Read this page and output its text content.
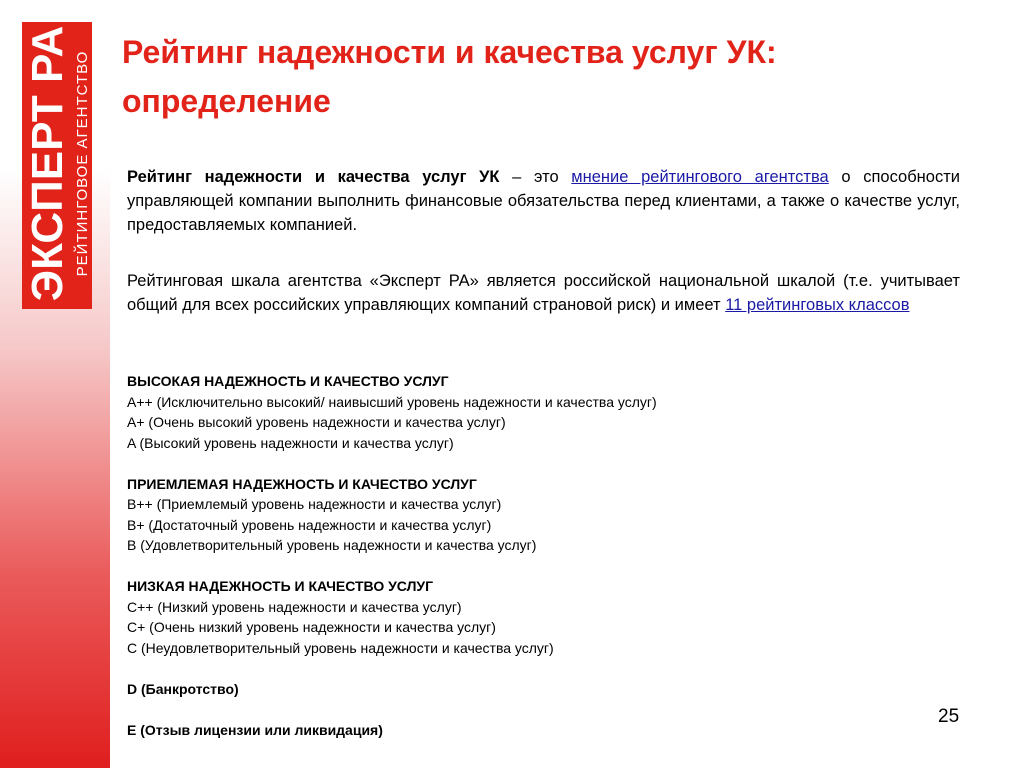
ЭКСПЕРТ РА РЕЙТИНГОВОЕ АГЕНТСТВО Рейтинг надежности и качества услуг УК:
определение
Рейтинг надежности и качества услуг УК – это мнение рейтингового агентства о способности управляющей компании выполнить финансовые обязательства перед клиентами, а также о качестве услуг, предоставляемых компанией.
Рейтинговая шкала агентства «Эксперт РА» является российской национальной шкалой (т.е. учитывает общий для всех российских управляющих компаний страновой риск) и имеет 11 рейтинговых классов
ВЫСОКАЯ НАДЕЖНОСТЬ И КАЧЕСТВО УСЛУГ
A++ (Исключительно высокий/ наивысший уровень надежности и качества услуг)
A+ (Очень высокий уровень надежности и качества услуг)
A (Высокий уровень надежности и качества услуг)
ПРИЕМЛЕМАЯ НАДЕЖНОСТЬ И КАЧЕСТВО УСЛУГ
B++ (Приемлемый уровень надежности и качества услуг)
B+ (Достаточный уровень надежности и качества услуг)
B (Удовлетворительный уровень надежности и качества услуг)
НИЗКАЯ НАДЕЖНОСТЬ И КАЧЕСТВО УСЛУГ
C++ (Низкий уровень надежности и качества услуг)
C+ (Очень низкий уровень надежности и качества услуг)
C (Неудовлетворительный уровень надежности и качества услуг)
D (Банкротство)
E (Отзыв лицензии или ликвидация)
25
